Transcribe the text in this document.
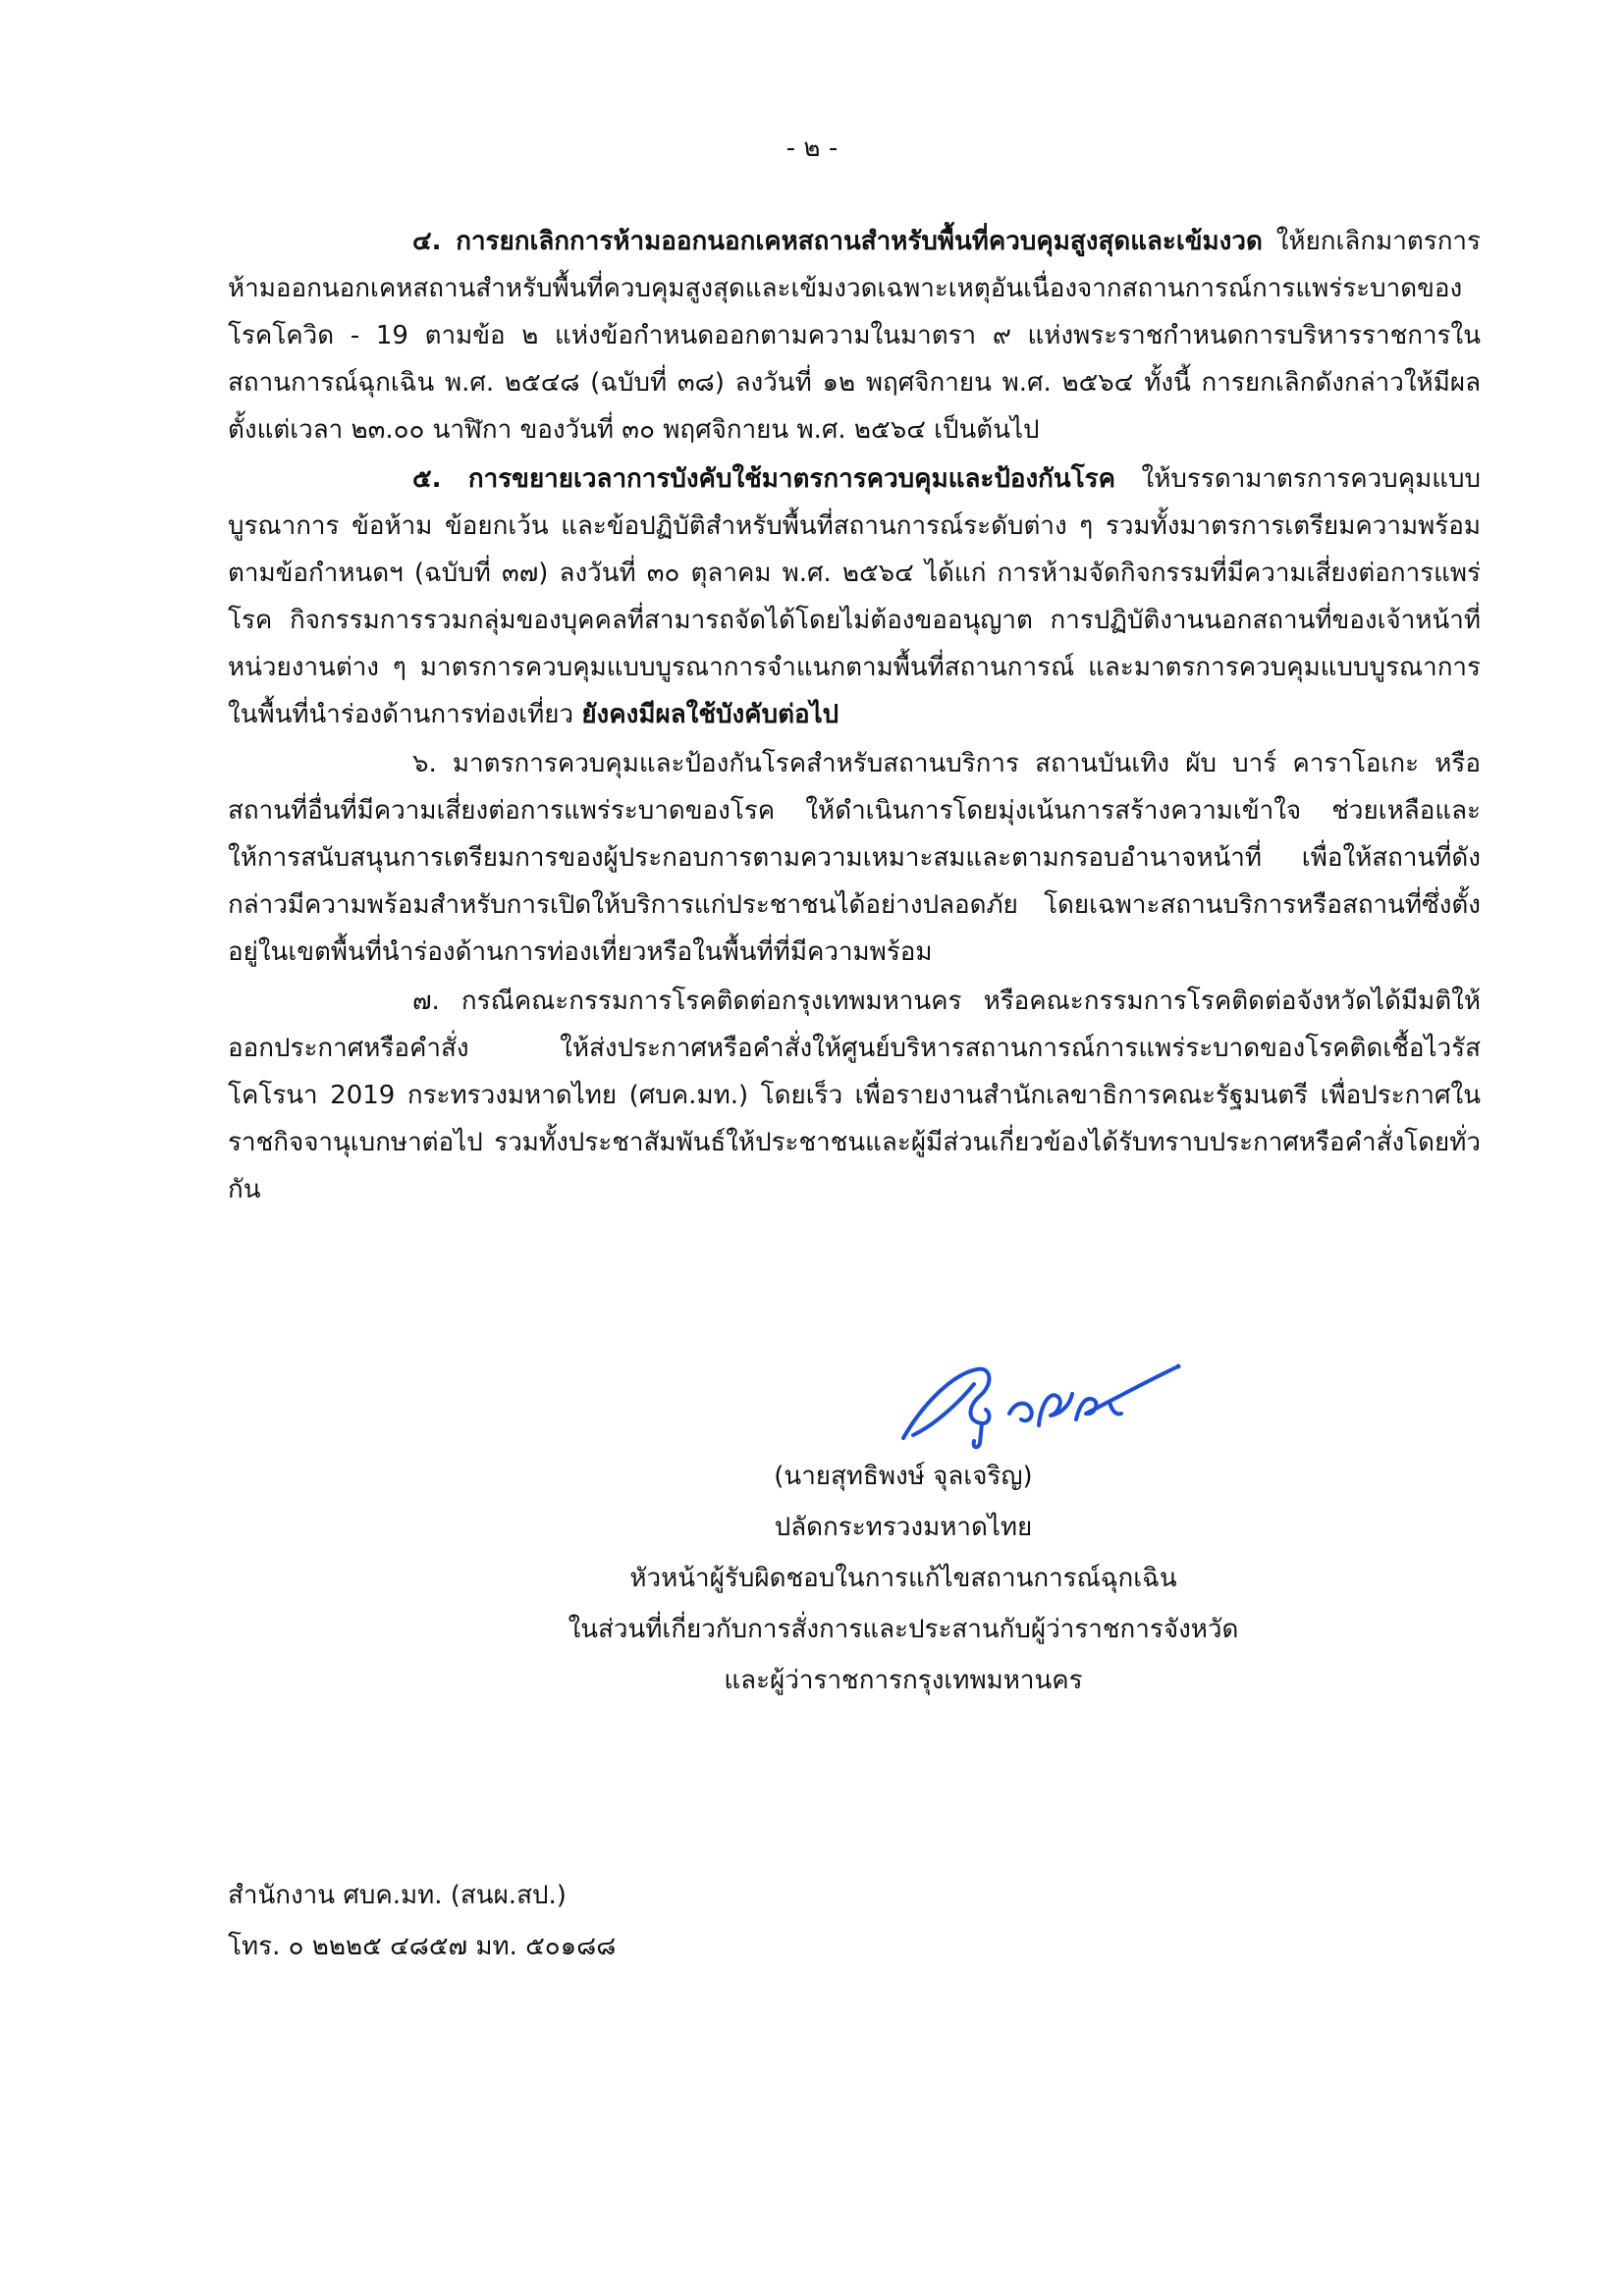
- ๒ -

๔. การยกเลิกการห้ามออกนอกเคหสถานสำหรับพื้นที่ควบคุมสูงสุดและเข้มงวด ให้ยกเลิกมาตรการห้ามออกนอกเคหสถานสำหรับพื้นที่ควบคุมสูงสุดและเข้มงวดเฉพาะเหตุอันเนื่องจากสถานการณ์การแพร่ระบาดของโรคโควิด - 19 ตามข้อ ๒ แห่งข้อกำหนดออกตามความในมาตรา ๙ แห่งพระราชกำหนดการบริหารราชการในสถานการณ์ฉุกเฉิน พ.ศ. ๒๕๔๘ (ฉบับที่ ๓๘) ลงวันที่ ๑๒ พฤศจิกายน พ.ศ. ๒๕๖๔ ทั้งนี้ การยกเลิกดังกล่าวให้มีผลตั้งแต่เวลา ๒๓.๐๐ นาฬิกา ของวันที่ ๓๐ พฤศจิกายน พ.ศ. ๒๕๖๔ เป็นต้นไป

๕. การขยายเวลาการบังคับใช้มาตรการควบคุมและป้องกันโรค ให้บรรดามาตรการควบคุมแบบบูรณาการ ข้อห้าม ข้อยกเว้น และข้อปฏิบัติสำหรับพื้นที่สถานการณ์ระดับต่าง ๆ รวมทั้งมาตรการเตรียมความพร้อมตามข้อกำหนดฯ (ฉบับที่ ๓๗) ลงวันที่ ๓๐ ตุลาคม พ.ศ. ๒๕๖๔ ได้แก่ การห้ามจัดกิจกรรมที่มีความเสี่ยงต่อการแพร่โรค กิจกรรมการรวมกลุ่มของบุคคลที่สามารถจัดได้โดยไม่ต้องขออนุญาต การปฏิบัติงานนอกสถานที่ของเจ้าหน้าที่หน่วยงานต่าง ๆ มาตรการควบคุมแบบบูรณาการจำแนกตามพื้นที่สถานการณ์ และมาตรการควบคุมแบบบูรณาการในพื้นที่นำร่องด้านการท่องเที่ยว ยังคงมีผลใช้บังคับต่อไป

๖. มาตรการควบคุมและป้องกันโรคสำหรับสถานบริการ สถานบันเทิง ผับ บาร์ คาราโอเกะ หรือสถานที่อื่นที่มีความเสี่ยงต่อการแพร่ระบาดของโรค ให้ดำเนินการโดยมุ่งเน้นการสร้างความเข้าใจ ช่วยเหลือและให้การสนับสนุนการเตรียมการของผู้ประกอบการตามความเหมาะสมและตามกรอบอำนาจหน้าที่ เพื่อให้สถานที่ดังกล่าวมีความพร้อมสำหรับการเปิดให้บริการแก่ประชาชนได้อย่างปลอดภัย โดยเฉพาะสถานบริการหรือสถานที่ซึ่งตั้งอยู่ในเขตพื้นที่นำร่องด้านการท่องเที่ยวหรือในพื้นที่ที่มีความพร้อม

๗. กรณีคณะกรรมการโรคติดต่อกรุงเทพมหานคร หรือคณะกรรมการโรคติดต่อจังหวัดได้มีมติให้ออกประกาศหรือคำสั่ง ให้ส่งประกาศหรือคำสั่งให้ศูนย์บริหารสถานการณ์การแพร่ระบาดของโรคติดเชื้อไวรัสโคโรนา 2019 กระทรวงมหาดไทย (ศบค.มท.) โดยเร็ว เพื่อรายงานสำนักเลขาธิการคณะรัฐมนตรี เพื่อประกาศในราชกิจจานุเบกษาต่อไป รวมทั้งประชาสัมพันธ์ให้ประชาชนและผู้มีส่วนเกี่ยวข้องได้รับทราบประกาศหรือคำสั่งโดยทั่วกัน

(นายสุทธิพงษ์ จุลเจริญ)
ปลัดกระทรวงมหาดไทย
หัวหน้าผู้รับผิดชอบในการแก้ไขสถานการณ์ฉุกเฉิน
ในส่วนที่เกี่ยวกับการสั่งการและประสานกับผู้ว่าราชการจังหวัด
และผู้ว่าราชการกรุงเทพมหานคร
สำนักงาน ศบค.มท. (สนผ.สป.)
โทร. ๐ ๒๒๒๕ ๔๘๕๗ มท. ๕๐๑๘๘
